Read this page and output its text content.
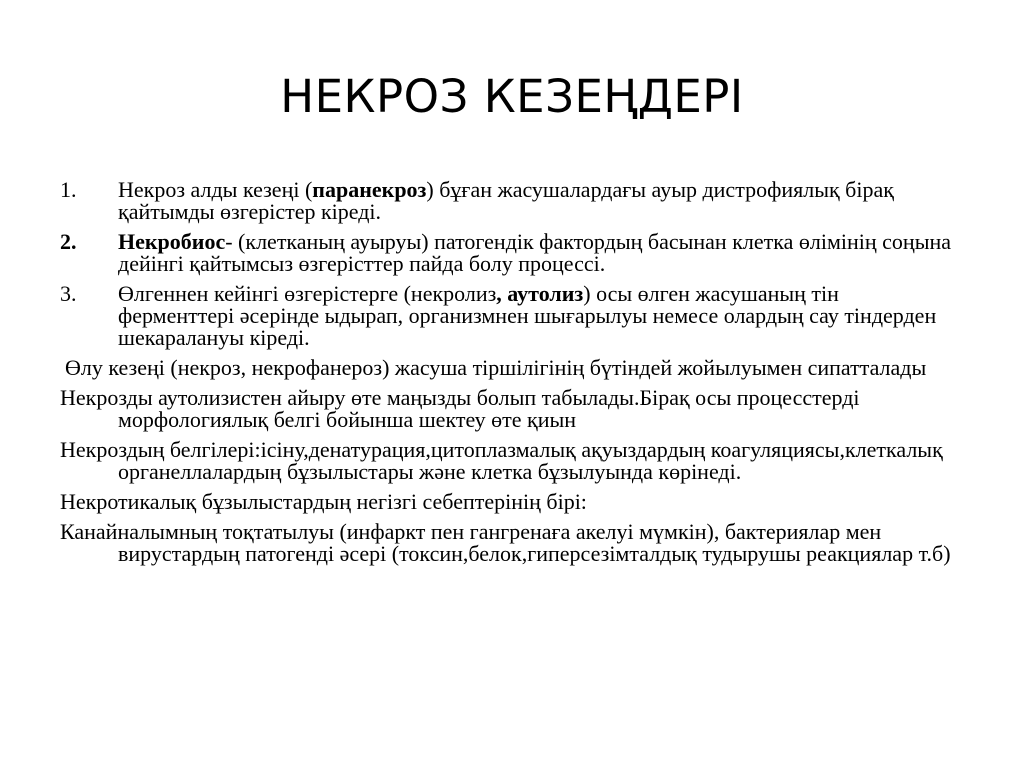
НЕКРОЗ КЕЗЕҢДЕРІ
1.	Некроз алды кезеңі (паранекроз) бұған жасушалардағы ауыр дистрофиялық бірақ қайтымды өзгерістер кіреді.
2.	Некробиос- (клетканың ауыруы) патогендік фактордың басынан клетка өлімінің соңына дейінгі қайтымсыз өзгерісттер пайда болу процессі.
3.	Өлгеннен кейінгі өзгерістерге (некролиз, аутолиз) осы өлген жасушаның тін ферменттері әсерінде ыдырап, организмнен шығарылуы немесе олардың сау тіндерден шекаралануы кіреді.
Өлу кезеңі (некроз, некрофанероз) жасуша тіршілігінің бүтіндей жойылуымен сипатталады
Некрозды аутолизистен айыру өте маңызды болып табылады.Бірақ осы процесстерді морфологиялық белгі бойынша шектеу өте қиын
Некроздың белгілері:ісіну,денатурация,цитоплазмалық ақуыздардың коагуляциясы,клеткалық органеллалардың бұзылыстары және клетка бұзылуында көрінеді.
Некротикалық бұзылыстардың негізгі себептерінің бірі:
Канайналымның тоқтатылуы (инфаркт пен гангренаға акелуі мүмкін), бактериялар мен вирустардың патогенді әсері (токсин,белок,гиперсезімталдық тудырушы реакциялар т.б)
